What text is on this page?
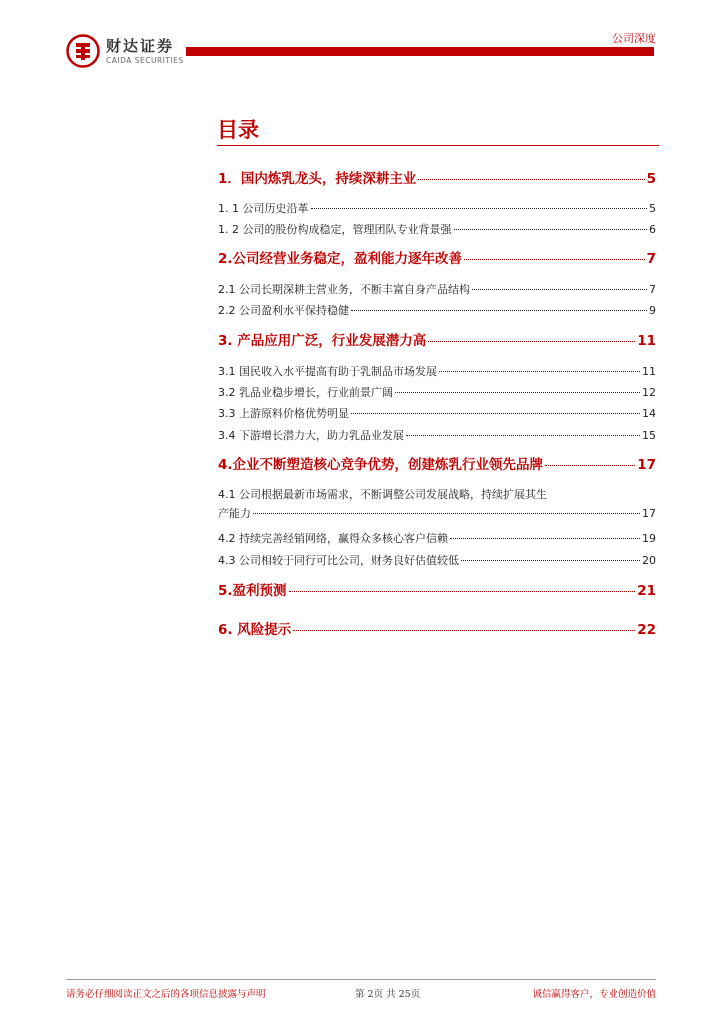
财达证券
CAIDA SECURITIES
公司深度
目录
1．国内炼乳龙头，持续深耕主业	5
1. 1 公司历史沿革	5
1. 2 公司的股份构成稳定，管理团队专业背景强	6
2.公司经营业务稳定，盈利能力逐年改善	7
2.1 公司长期深耕主营业务，不断丰富自身产品结构	7
2.2 公司盈利水平保持稳健	9
3. 产品应用广泛，行业发展潜力高	11
3.1 国民收入水平提高有助于乳制品市场发展	11
3.2 乳品业稳步增长，行业前景广阔	12
3.3 上游原料价格优势明显	14
3.4 下游增长潜力大，助力乳品业发展	15
4.企业不断塑造核心竞争优势，创建炼乳行业领先品牌	17
4.1 公司根据最新市场需求，不断调整公司发展战略，持续扩展其生
产能力	17
4.2 持续完善经销网络，赢得众多核心客户信赖	19
4.3 公司相较于同行可比公司，财务良好估值较低	20
5.盈利预测	21
6. 风险提示	22
请务必仔细阅读正文之后的各项信息披露与声明	第 2页 共 25页	诚信赢得客户，专业创造价值
